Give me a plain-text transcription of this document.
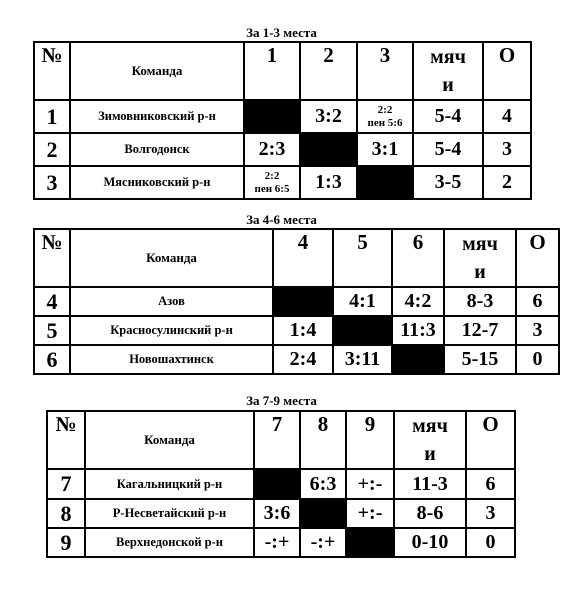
За 1-3 места
№	Команда	1	2	3	мяч
и	О
1	Зимовниковский р-н		3:2	2:2
пен 5:6	5-4	4
2	Волгодонск	2:3		3:1	5-4	3
3	Мясниковский р-н	2:2
пен 6:5	1:3		3-5	2
За 4-6 места
№	Команда	4	5	6	мяч
и	О
4	Азов		4:1	4:2	8-3	6
5	Красносулинский р-н	1:4		11:3	12-7	3
6	Новошахтинск	2:4	3:11		5-15	0
За 7-9 места
№	Команда	7	8	9	мяч
и	О
7	Кагальницкий р-н		6:3	+:-	11-3	6
8	Р-Несветайский р-н	3:6		+:-	8-6	3
9	Верхнедонской р-н	-:+	-:+		0-10	0
